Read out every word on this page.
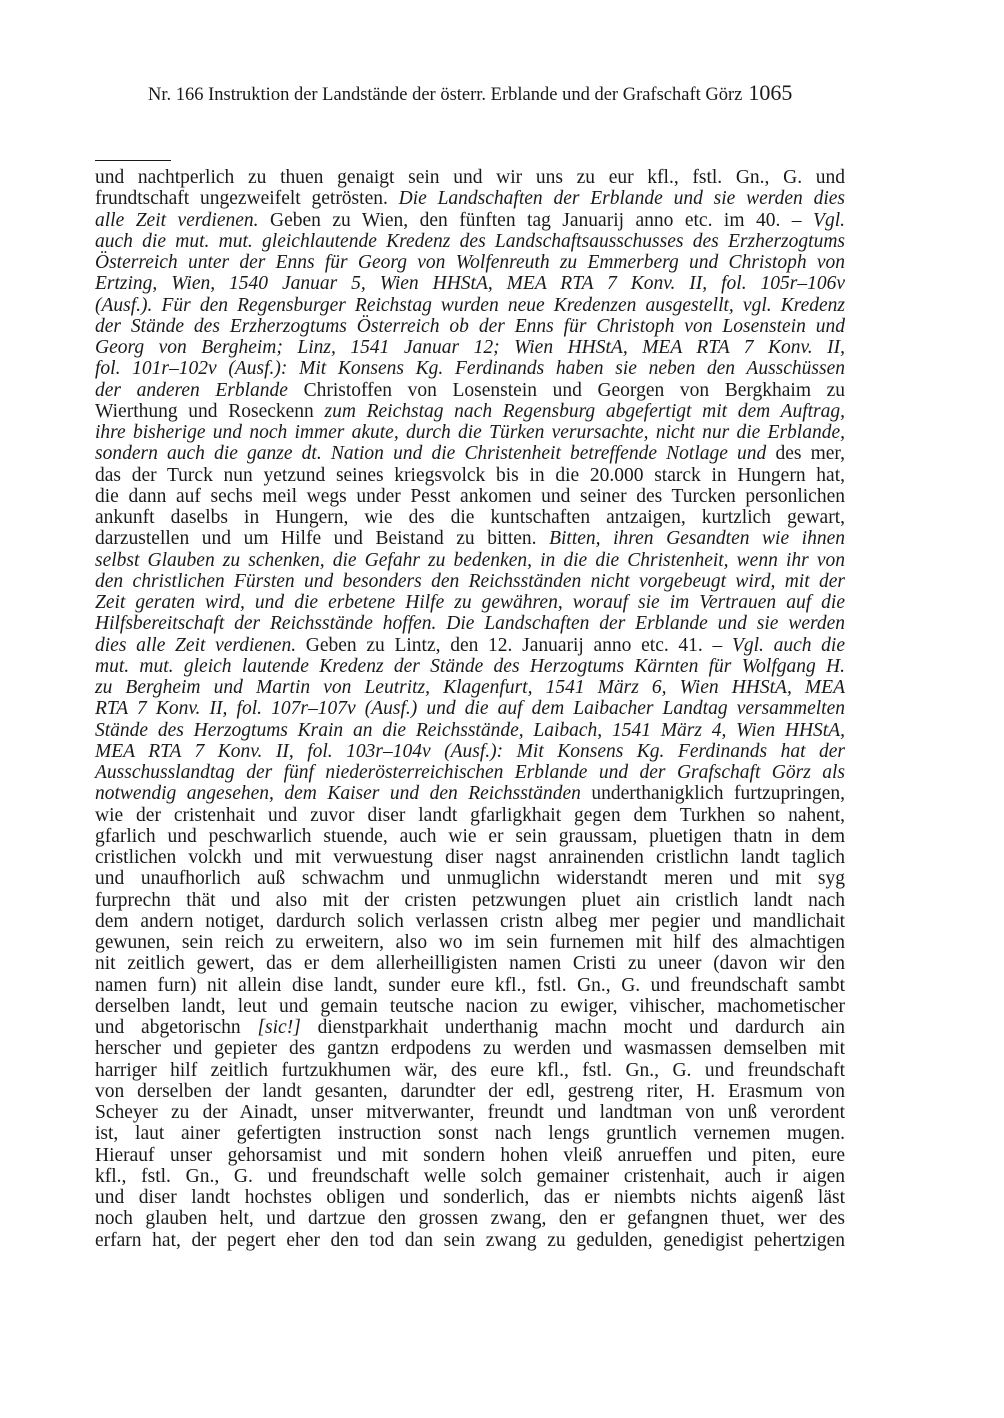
Nr. 166 Instruktion der Landstände der österr. Erblande und der Grafschaft Görz 1065

und nachtperlich zu thuen genaigt sein und wir uns zu eur kfl., fstl. Gn., G. und

frundtschaft ungezweifelt getrösten. Die Landschaften der Erblande und sie werden dies

alle Zeit verdienen. Geben zu Wien, den fünften tag Januarij anno etc. im 40. – Vgl.

auch die mut. mut. gleichlautende Kredenz des Landschaftsausschusses des Erzherzogtums

Österreich unter der Enns für Georg von Wolfenreuth zu Emmerberg und Christoph von

Ertzing, Wien, 1540 Januar 5, Wien HHStA, MEA RTA 7 Konv. II, fol. 105r–106v

(Ausf.). Für den Regensburger Reichstag wurden neue Kredenzen ausgestellt, vgl. Kredenz

der Stände des Erzherzogtums Österreich ob der Enns für Christoph von Losenstein und

Georg von Bergheim; Linz, 1541 Januar 12; Wien HHStA, MEA RTA 7 Konv. II,

fol. 101r–102v (Ausf.): Mit Konsens Kg. Ferdinands haben sie neben den Ausschüssen

der anderen Erblande Christoffen von Losenstein und Georgen von Bergkhaim zu

Wierthung und Roseckenn zum Reichstag nach Regensburg abgefertigt mit dem Auftrag,

ihre bisherige und noch immer akute, durch die Türken verursachte, nicht nur die Erblande,

sondern auch die ganze dt. Nation und die Christenheit betreffende Notlage und des mer,

das der Turck nun yetzund seines kriegsvolck bis in die 20.000 starck in Hungern hat,

die dann auf sechs meil wegs under Pesst ankomen und seiner des Turcken personlichen

ankunft daselbs in Hungern, wie des die kuntschaften antzaigen, kurtzlich gewart,

darzustellen und um Hilfe und Beistand zu bitten. Bitten, ihren Gesandten wie ihnen

selbst Glauben zu schenken, die Gefahr zu bedenken, in die die Christenheit, wenn ihr von

den christlichen Fürsten und besonders den Reichsständen nicht vorgebeugt wird, mit der

Zeit geraten wird, und die erbetene Hilfe zu gewähren, worauf sie im Vertrauen auf die

Hilfsbereitschaft der Reichsstände hoffen. Die Landschaften der Erblande und sie werden

dies alle Zeit verdienen. Geben zu Lintz, den 12. Januarij anno etc. 41. – Vgl. auch die

mut. mut. gleich lautende Kredenz der Stände des Herzogtums Kärnten für Wolfgang H.

zu Bergheim und Martin von Leutritz, Klagenfurt, 1541 März 6, Wien HHStA, MEA

RTA 7 Konv. II, fol. 107r–107v (Ausf.) und die auf dem Laibacher Landtag versammelten

Stände des Herzogtums Krain an die Reichsstände, Laibach, 1541 März 4, Wien HHStA,

MEA RTA 7 Konv. II, fol. 103r–104v (Ausf.): Mit Konsens Kg. Ferdinands hat der

Ausschusslandtag der fünf niederösterreichischen Erblande und der Grafschaft Görz als

notwendig angesehen, dem Kaiser und den Reichsständen underthanigklich furtzupringen,

wie der cristenhait und zuvor diser landt gfarligkhait gegen dem Turkhen so nahent,

gfarlich und peschwarlich stuende, auch wie er sein graussam, pluetigen thatn in dem

cristlichen volckh und mit verwuestung diser nagst anrainenden cristlichn landt taglich

und unaufhorlich auß schwachm und unmuglichn widerstandt meren und mit syg

furprechn thät und also mit der cristen petzwungen pluet ain cristlich landt nach

dem andern notiget, dardurch solich verlassen cristn albeg mer pegier und mandlichait

gewunen, sein reich zu erweitern, also wo im sein furnemen mit hilf des almachtigen

nit zeitlich gewert, das er dem allerheilligisten namen Cristi zu uneer (davon wir den

namen furn) nit allein dise landt, sunder eure kfl., fstl. Gn., G. und freundschaft sambt

derselben landt, leut und gemain teutsche nacion zu ewiger, vihischer, machometischer

und abgetorischn [sic!] dienstparkhait underthanig machn mocht und dardurch ain

herscher und gepieter des gantzn erdpodens zu werden und wasmassen demselben mit

harriger hilf zeitlich furtzukhumen wär, des eure kfl., fstl. Gn., G. und freundschaft

von derselben der landt gesanten, darundter der edl, gestreng riter, H. Erasmum von

Scheyer zu der Ainadt, unser mitverwanter, freundt und landtman von unß verordent

ist, laut ainer gefertigten instruction sonst nach lengs gruntlich vernemen mugen.

Hierauf unser gehorsamist und mit sondern hohen vleiß anrueffen und piten, eure

kfl., fstl. Gn., G. und freundschaft welle solch gemainer cristenhait, auch ir aigen

und diser landt hochstes obligen und sonderlich, das er niembts nichts aigenß läst

noch glauben helt, und dartzue den grossen zwang, den er gefangnen thuet, wer des

erfarn hat, der pegert eher den tod dan sein zwang zu gedulden, genedigist pehertzigen
